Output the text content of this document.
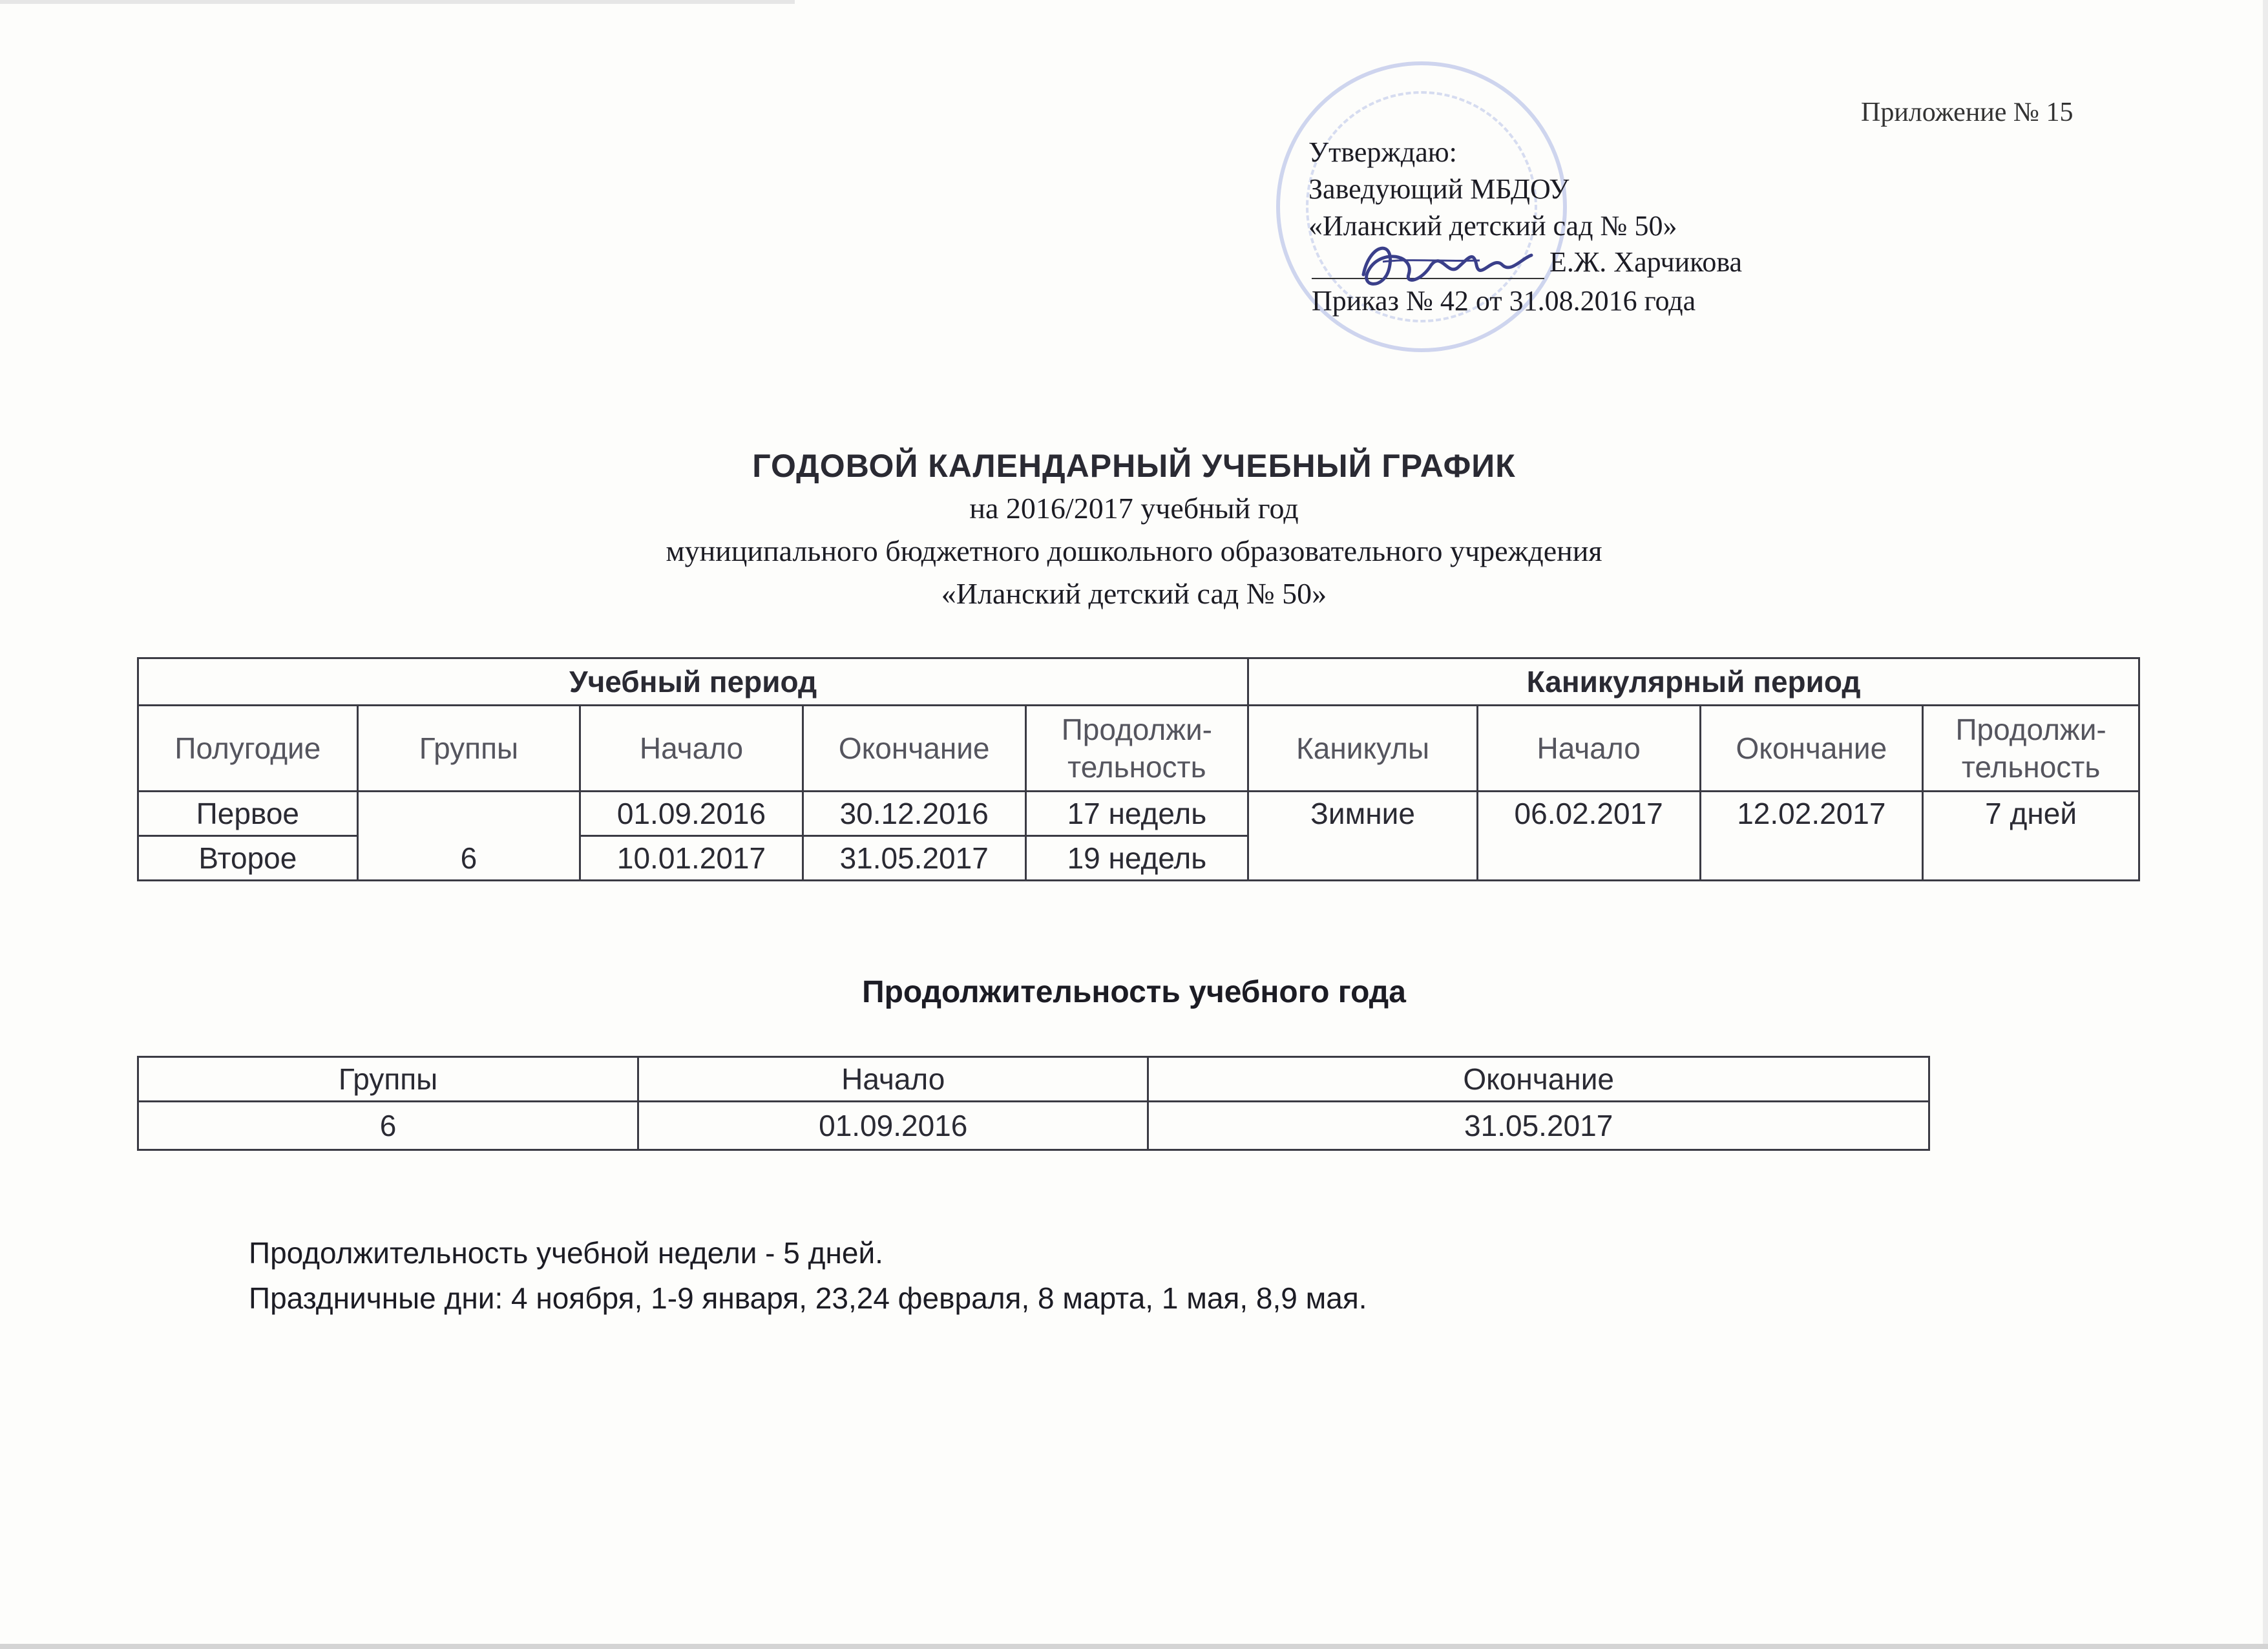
Приложение № 15
Утверждаю:
Заведующий МБДОУ
«Иланский детский сад № 50»
Е.Ж. Харчикова
Приказ № 42 от 31.08.2016 года
ГОДОВОЙ КАЛЕНДАРНЫЙ УЧЕБНЫЙ ГРАФИК
на 2016/2017 учебный год
муниципального бюджетного дошкольного образовательного учреждения
«Иланский детский сад № 50»
Учебный период					Каникулярный период			
Полугодие	Группы	Начало	Окончание	Продолжи-тельность	Каникулы	Начало	Окончание	Продолжи-тельность
Первое	6	01.09.2016	30.12.2016	17 недель	Зимние	06.02.2017	12.02.2017	7 дней
Второе		10.01.2017	31.05.2017	19 недель				
Продолжительность учебного года
Группы	Начало	Окончание
6	01.09.2016	31.05.2017
Продолжительность учебной недели - 5 дней.
Праздничные дни: 4 ноября, 1-9 января, 23,24 февраля, 8 марта, 1 мая, 8,9 мая.
